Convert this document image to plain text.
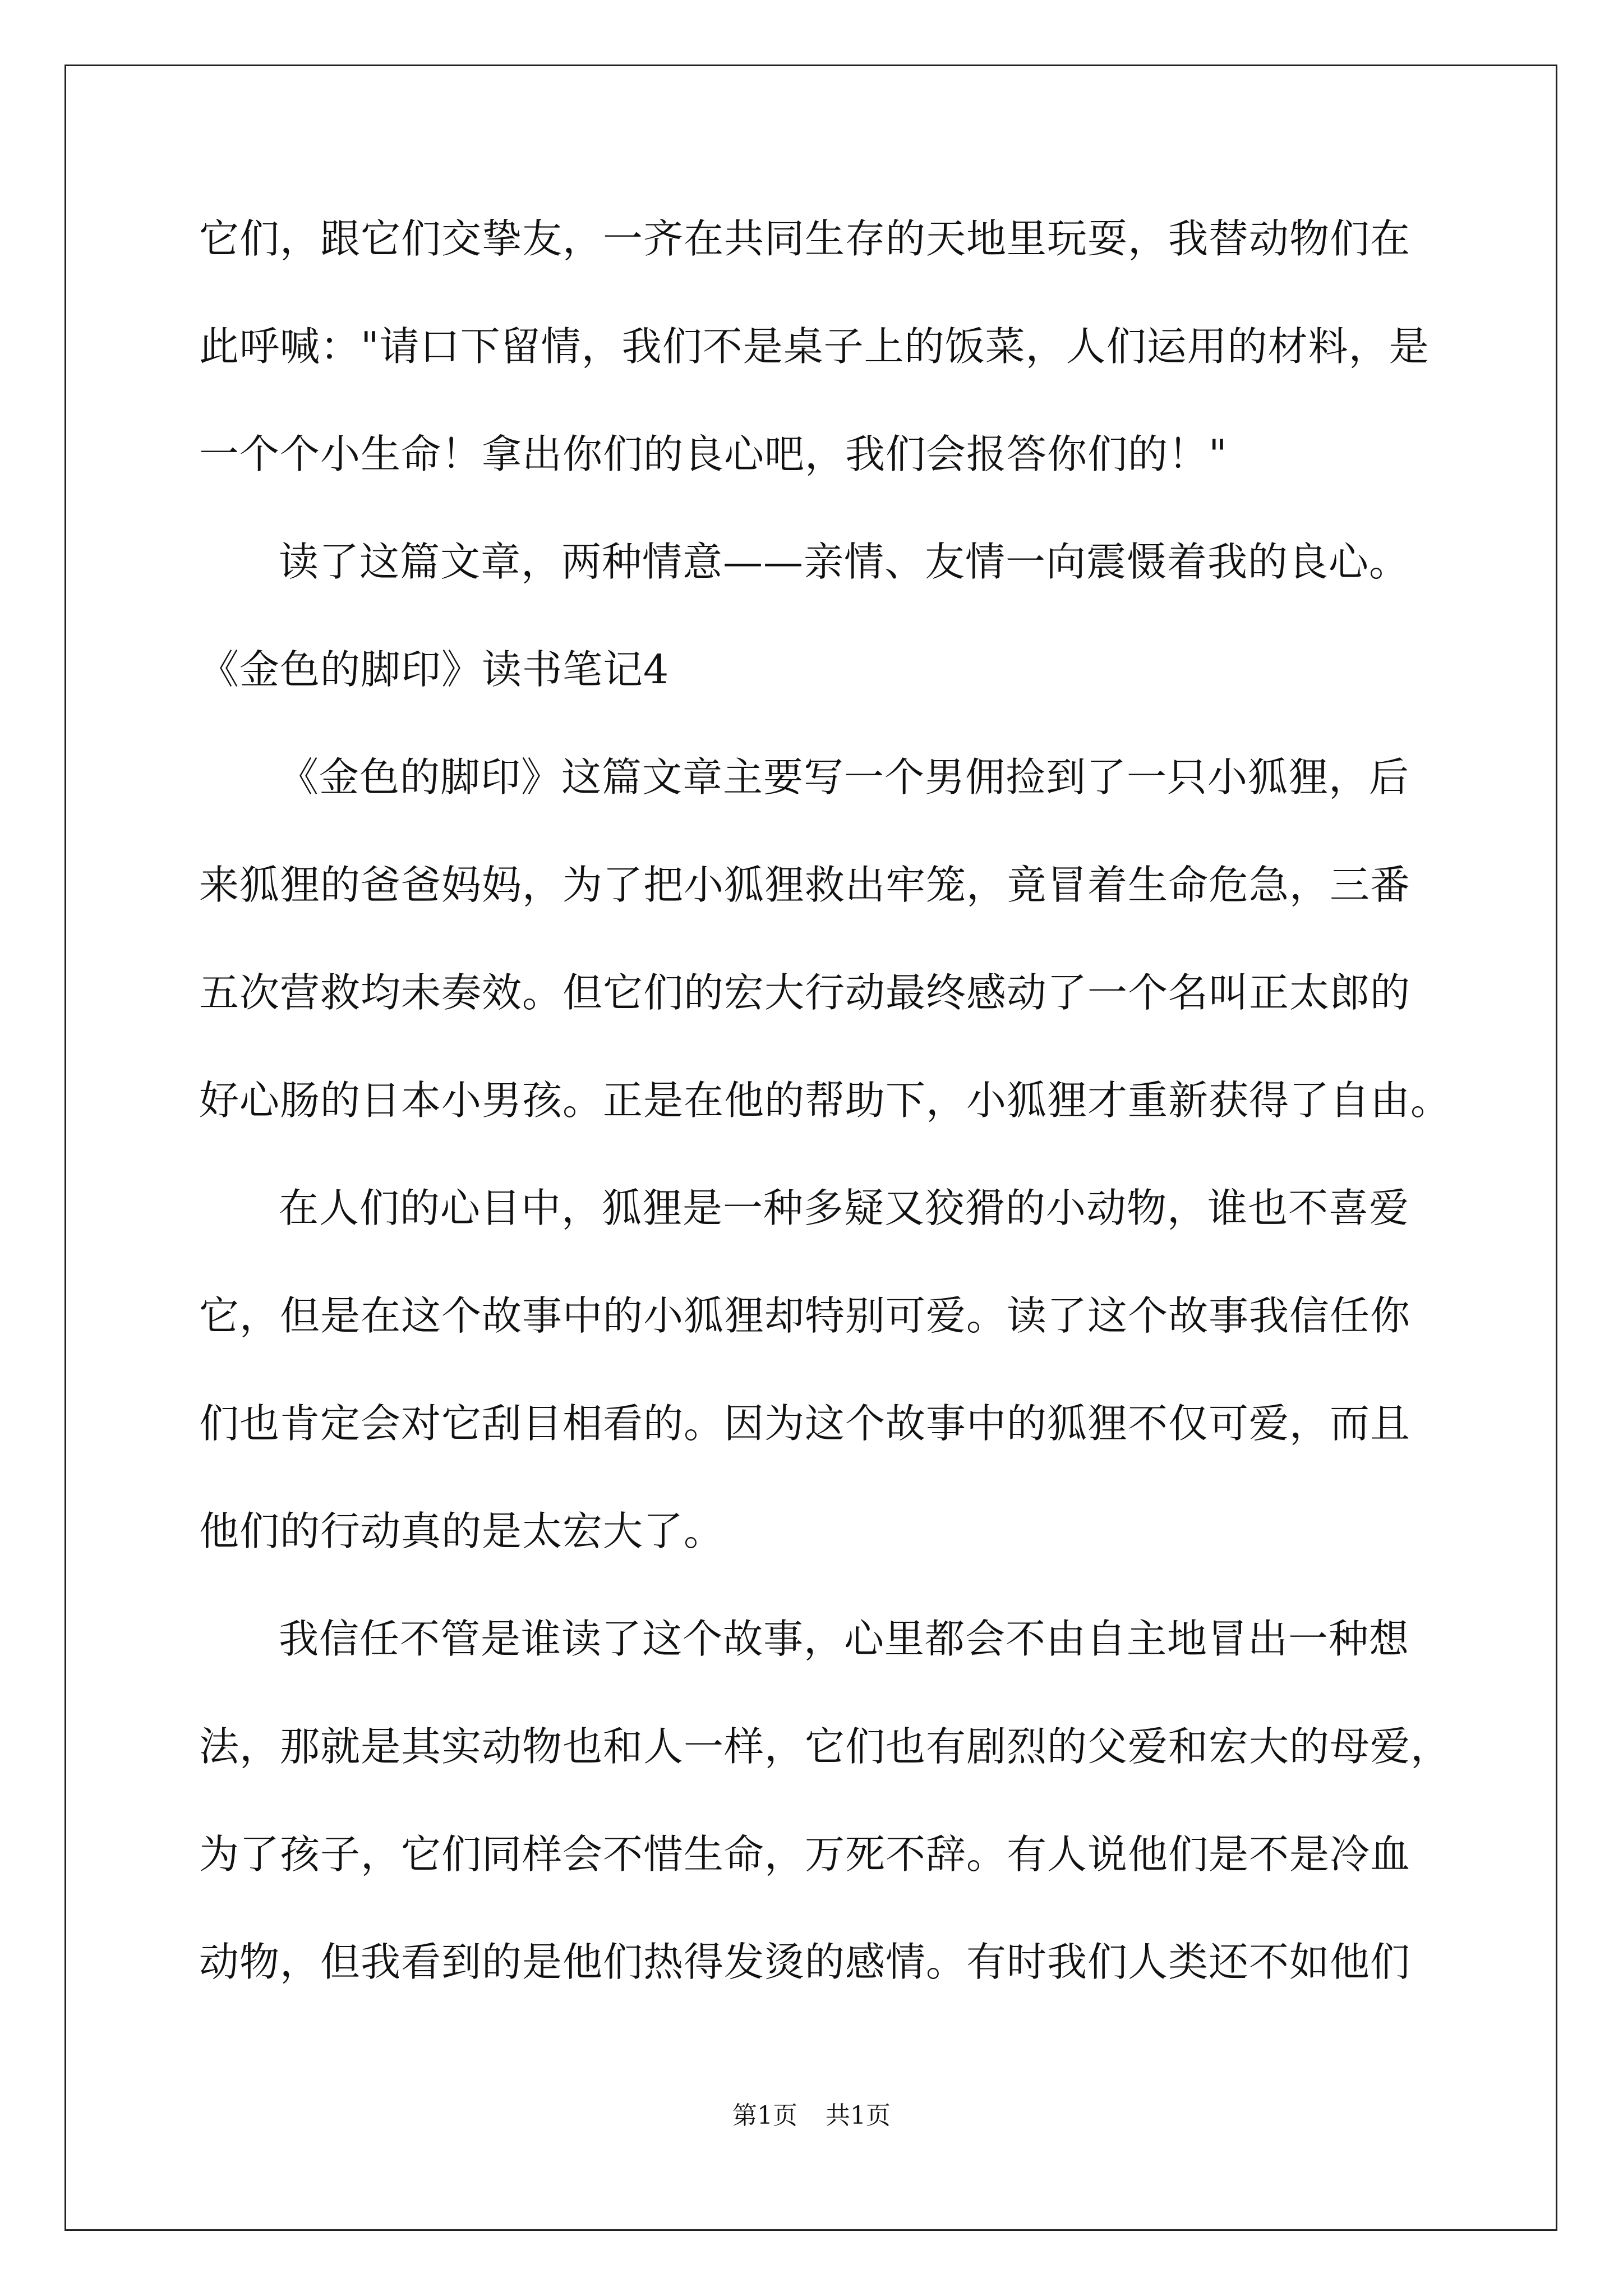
它们，跟它们交挚友，一齐在共同生存的天地里玩耍，我替动物们在
此呼喊："请口下留情，我们不是桌子上的饭菜，人们运用的材料，是
一个个小生命！拿出你们的良心吧，我们会报答你们的！"
读了这篇文章，两种情意——亲情、友情一向震慑着我的良心。
《金色的脚印》读书笔记4
《金色的脚印》这篇文章主要写一个男佣捡到了一只小狐狸，后
来狐狸的爸爸妈妈，为了把小狐狸救出牢笼，竟冒着生命危急，三番
五次营救均未奏效。但它们的宏大行动最终感动了一个名叫正太郎的
好心肠的日本小男孩。正是在他的帮助下，小狐狸才重新获得了自由。
在人们的心目中，狐狸是一种多疑又狡猾的小动物，谁也不喜爱
它，但是在这个故事中的小狐狸却特别可爱。读了这个故事我信任你
们也肯定会对它刮目相看的。因为这个故事中的狐狸不仅可爱，而且
他们的行动真的是太宏大了。
我信任不管是谁读了这个故事，心里都会不由自主地冒出一种想
法，那就是其实动物也和人一样，它们也有剧烈的父爱和宏大的母爱，
为了孩子，它们同样会不惜生命，万死不辞。有人说他们是不是冷血
动物，但我看到的是他们热得发烫的感情。有时我们人类还不如他们
第1页 共1页
